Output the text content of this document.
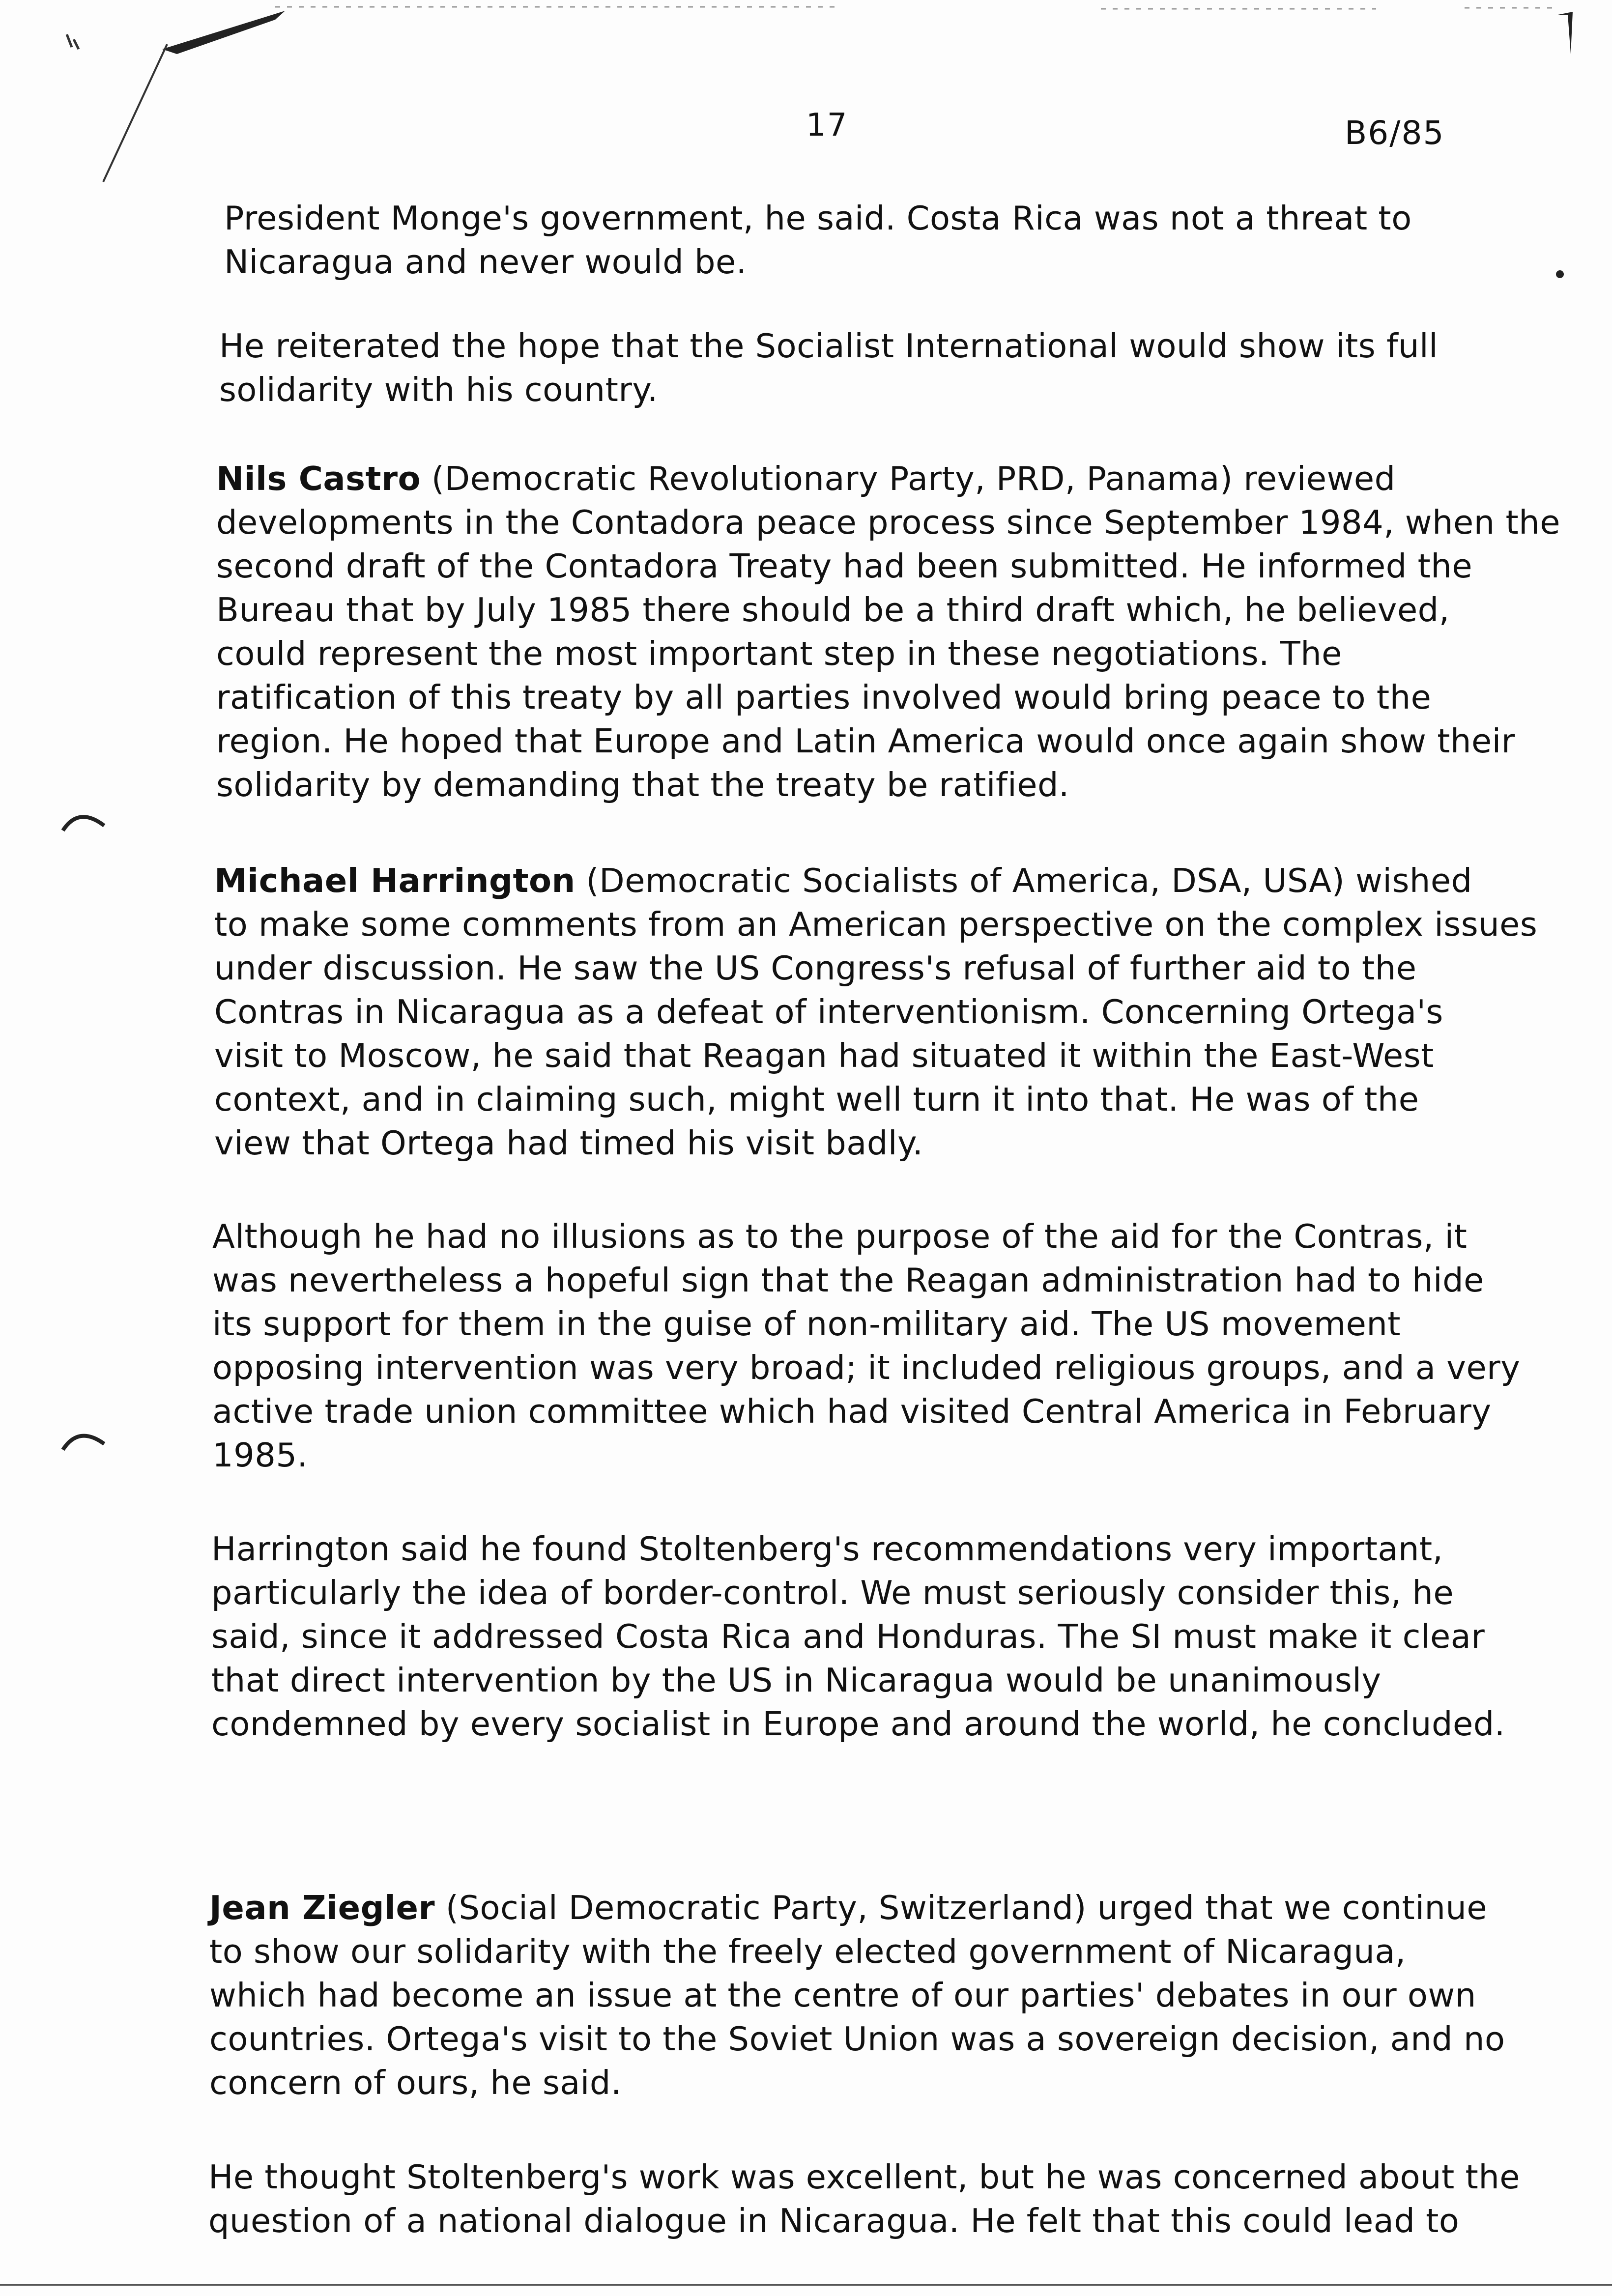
17	B6/85

President Monge's government, he said. Costa Rica was not a threat to
Nicaragua and never would be.

He reiterated the hope that the Socialist International would show its full
solidarity with his country.

Nils Castro (Democratic Revolutionary Party, PRD, Panama) reviewed
developments in the Contadora peace process since September 1984, when the
second draft of the Contadora Treaty had been submitted. He informed the
Bureau that by July 1985 there should be a third draft which, he believed,
could represent the most important step in these negotiations. The
ratification of this treaty by all parties involved would bring peace to the
region. He hoped that Europe and Latin America would once again show their
solidarity by demanding that the treaty be ratified.

Michael Harrington (Democratic Socialists of America, DSA, USA) wished
to make some comments from an American perspective on the complex issues
under discussion. He saw the US Congress's refusal of further aid to the
Contras in Nicaragua as a defeat of interventionism. Concerning Ortega's
visit to Moscow, he said that Reagan had situated it within the East-West
context, and in claiming such, might well turn it into that. He was of the
view that Ortega had timed his visit badly.

Although he had no illusions as to the purpose of the aid for the Contras, it
was nevertheless a hopeful sign that the Reagan administration had to hide
its support for them in the guise of non-military aid. The US movement
opposing intervention was very broad; it included religious groups, and a very
active trade union committee which had visited Central America in February
1985.

Harrington said he found Stoltenberg's recommendations very important,
particularly the idea of border-control. We must seriously consider this, he
said, since it addressed Costa Rica and Honduras. The SI must make it clear
that direct intervention by the US in Nicaragua would be unanimously
condemned by every socialist in Europe and around the world, he concluded.

Jean Ziegler (Social Democratic Party, Switzerland) urged that we continue
to show our solidarity with the freely elected government of Nicaragua,
which had become an issue at the centre of our parties' debates in our own
countries. Ortega's visit to the Soviet Union was a sovereign decision, and no
concern of ours, he said.

He thought Stoltenberg's work was excellent, but he was concerned about the
question of a national dialogue in Nicaragua. He felt that this could lead to
